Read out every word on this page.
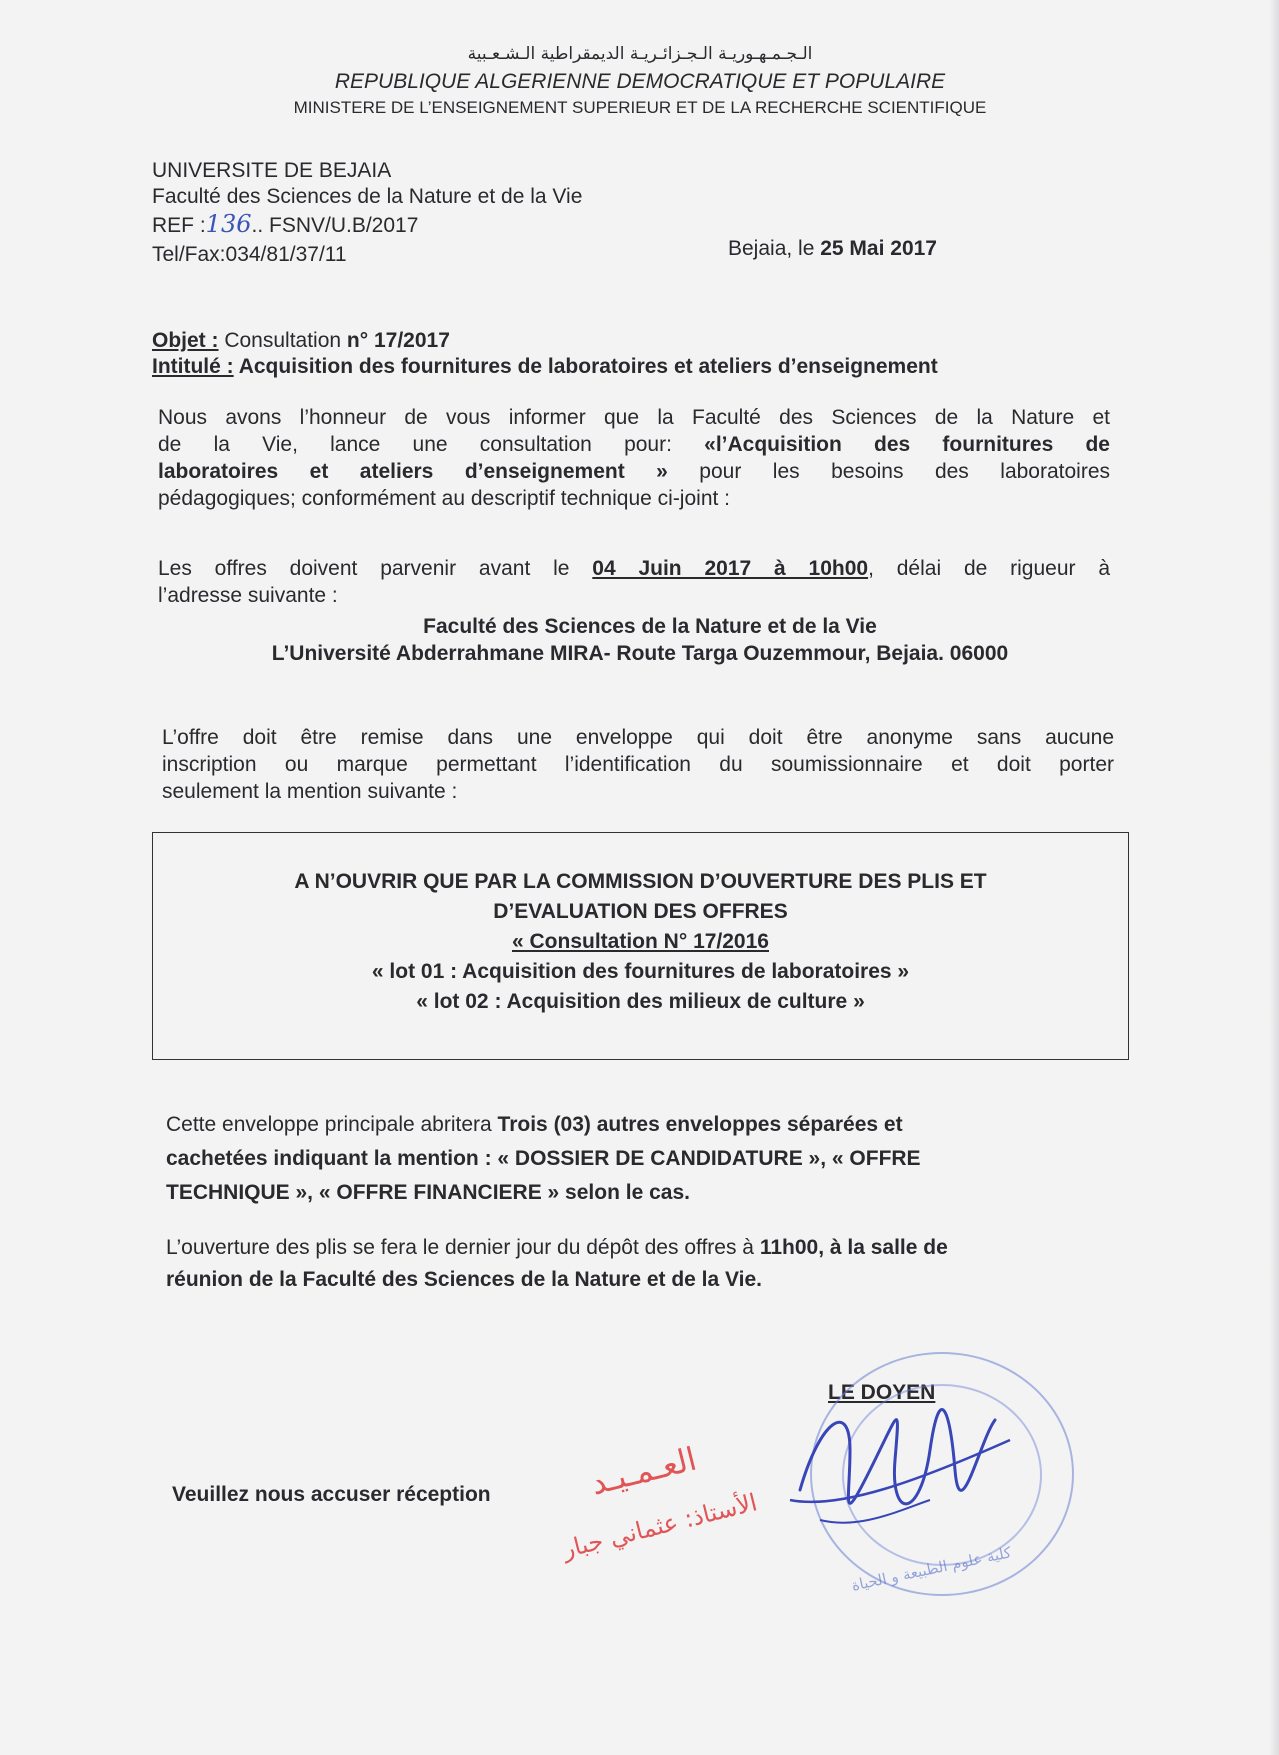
الـجـمـهـوريـة الـجـزائـريـة الديمقراطية الـشـعـبية
REPUBLIQUE ALGERIENNE DEMOCRATIQUE ET POPULAIRE
MINISTERE DE L’ENSEIGNEMENT SUPERIEUR ET DE LA RECHERCHE SCIENTIFIQUE
UNIVERSITE DE BEJAIA
Faculté des Sciences de la Nature et de la Vie
REF :136.. FSNV/U.B/2017
Tel/Fax:034/81/37/11	Bejaia, le 25 Mai 2017
Objet : Consultation n° 17/2017
Intitulé : Acquisition des fournitures de laboratoires et ateliers d’enseignement
Nous avons l’honneur de vous informer que la Faculté des Sciences de la Nature et
de la Vie, lance une consultation pour: «l’Acquisition des fournitures de
laboratoires et ateliers d’enseignement » pour les besoins des laboratoires
pédagogiques; conformément au descriptif technique ci-joint :
Les offres doivent parvenir avant le 04 Juin 2017 à 10h00, délai de rigueur à
l’adresse suivante :
Faculté des Sciences de la Nature et de la Vie
L’Université Abderrahmane MIRA- Route Targa Ouzemmour, Bejaia. 06000
L’offre doit être remise dans une enveloppe qui doit être anonyme sans aucune
inscription ou marque permettant l’identification du soumissionnaire et doit porter
seulement la mention suivante :
A N’OUVRIR QUE PAR LA COMMISSION D’OUVERTURE DES PLIS ET
D’EVALUATION DES OFFRES
« Consultation N° 17/2016
« lot 01 : Acquisition des fournitures de laboratoires »
« lot 02 : Acquisition des milieux de culture »
Cette enveloppe principale abritera Trois (03) autres enveloppes séparées et
cachetées indiquant la mention : « DOSSIER DE CANDIDATURE », « OFFRE
TECHNIQUE », « OFFRE FINANCIERE » selon le cas.
L’ouverture des plis se fera le dernier jour du dépôt des offres à 11h00, à la salle de
réunion de la Faculté des Sciences de la Nature et de la Vie.
LE DOYEN
Veuillez nous accuser réception
كلية علوم الطبيعة و الحياة
العـمـيـد
الأستاذ: عثماني جبار
